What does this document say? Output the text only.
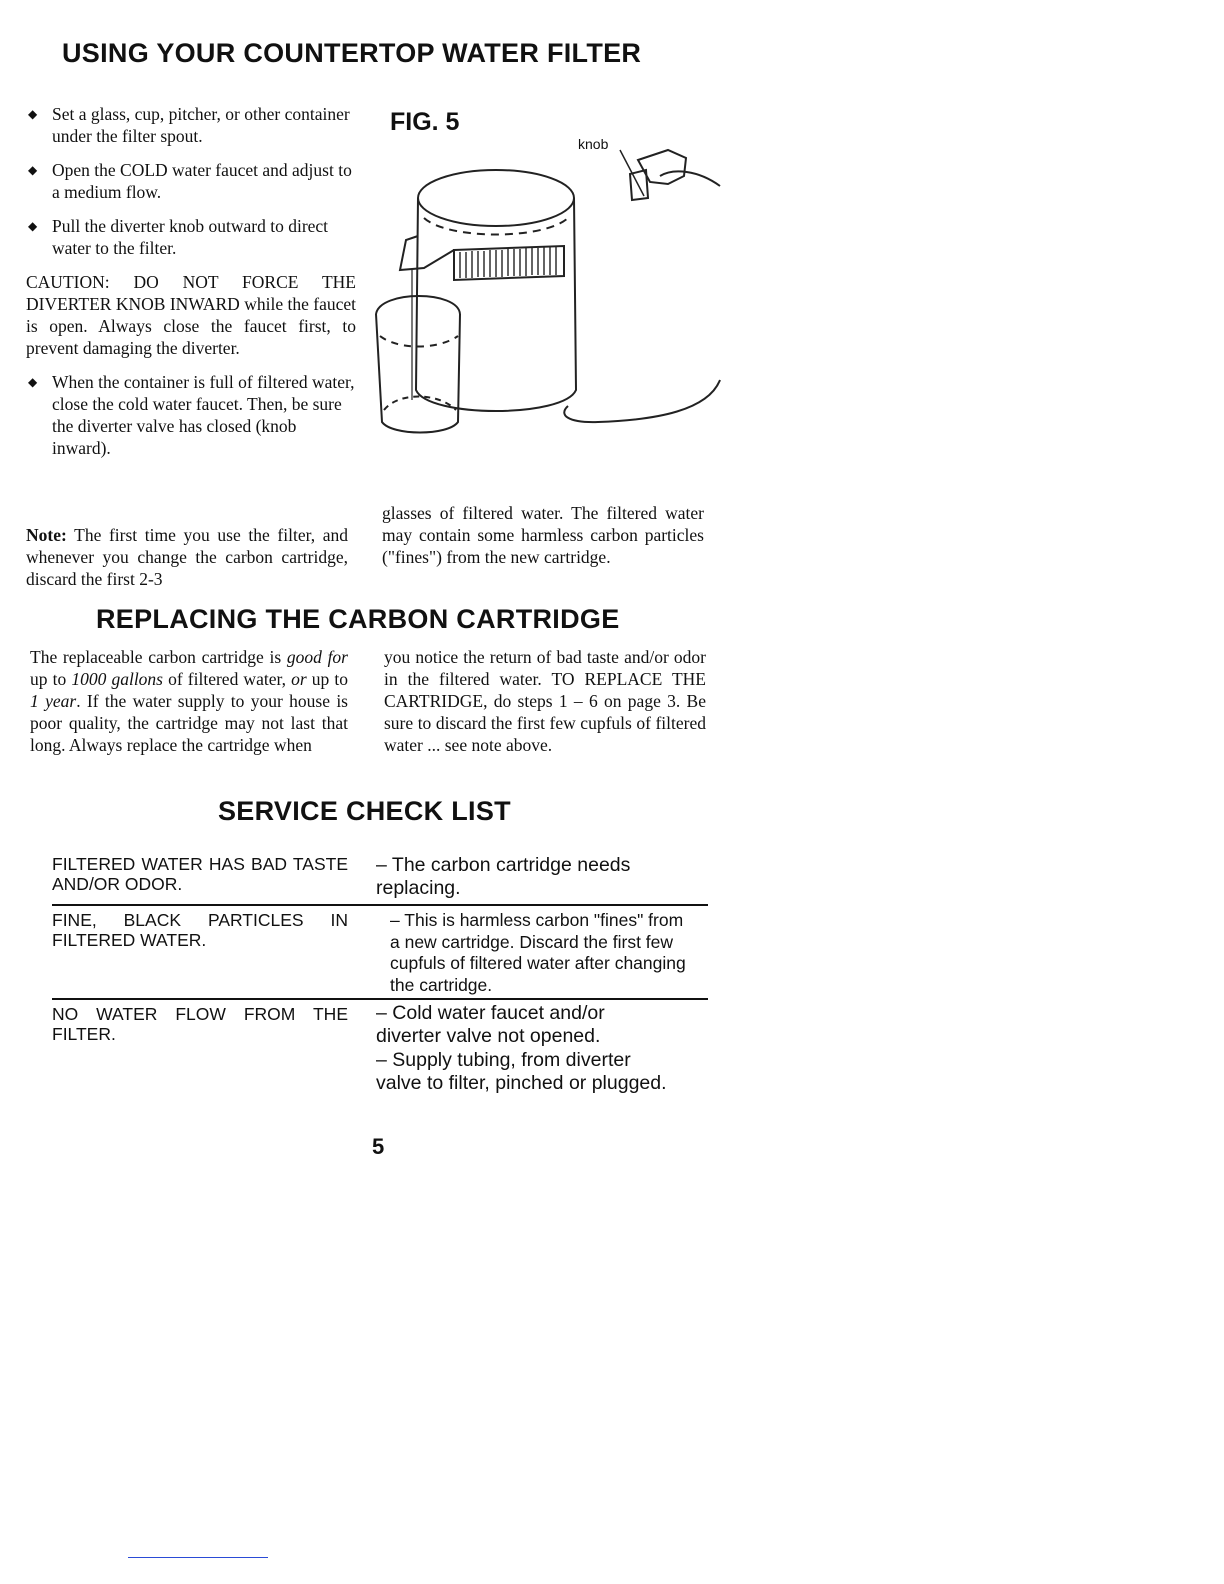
USING YOUR COUNTERTOP WATER FILTER
◆ Set a glass, cup, pitcher, or other container under the filter spout.
◆ Open the COLD water faucet and adjust to a medium flow.
◆ Pull the diverter knob outward to direct water to the filter.

CAUTION: DO NOT FORCE THE DIVERTER KNOB INWARD while the faucet is open. Always close the faucet first, to prevent damaging the diverter.

◆ When the container is full of filtered water, close the cold water faucet. Then, be sure the diverter valve has closed (knob inward).
FIG. 5
knob
glasses of filtered water. The filtered water may contain some harmless carbon particles ("fines") from the new cartridge.
Note: The first time you use the filter, and whenever you change the carbon cartridge, discard the first 2-3
REPLACING THE CARBON CARTRIDGE
The replaceable carbon cartridge is good for up to 1000 gallons of filtered water, or up to 1 year. If the water supply to your house is poor quality, the cartridge may not last that long. Always replace the cartridge when
you notice the return of bad taste and/or odor in the filtered water. TO REPLACE THE CARTRIDGE, do steps 1 – 6 on page 3. Be sure to discard the first few cupfuls of filtered water ... see note above.
SERVICE CHECK LIST
FILTERED WATER HAS BAD TASTE AND/OR ODOR.
– The carbon cartridge needs replacing.
FINE, BLACK PARTICLES IN FILTERED WATER.
– This is harmless carbon "fines" from a new cartridge. Discard the first few cupfuls of filtered water after changing the cartridge.
NO WATER FLOW FROM THE FILTER.
– Cold water faucet and/or diverter valve not opened.
– Supply tubing, from diverter valve to filter, pinched or plugged.
5
